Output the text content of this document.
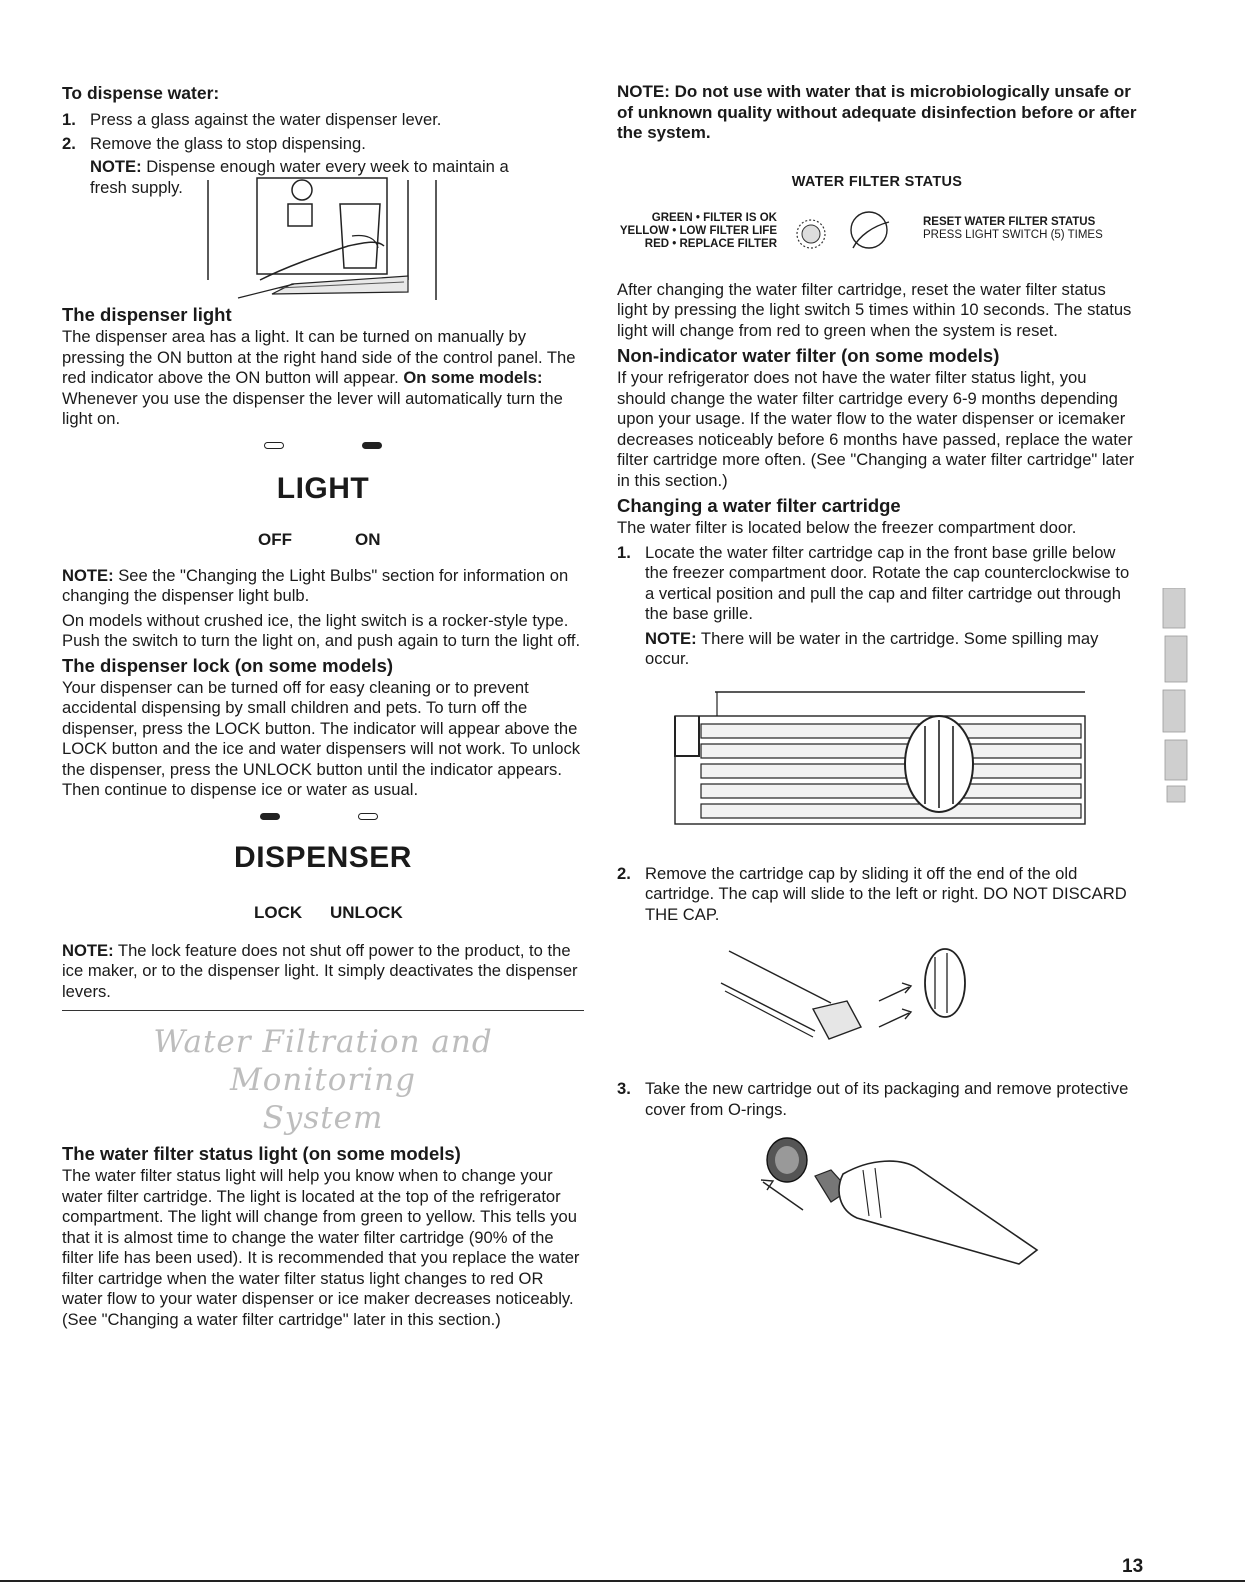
To dispense water:
1. Press a glass against the water dispenser lever.
2. Remove the glass to stop dispensing.

NOTE: Dispense enough water every week to maintain a fresh supply.

The dispenser light

The dispenser area has a light. It can be turned on manually by pressing the ON button at the right hand side of the control panel. The red indicator above the ON button will appear. On some models: Whenever you use the dispenser the lever will automatically turn the light on.

LIGHT
OFF	ON

NOTE: See the "Changing the Light Bulbs" section for information on changing the dispenser light bulb.

On models without crushed ice, the light switch is a rocker-style type. Push the switch to turn the light on, and push again to turn the light off.

The dispenser lock (on some models)

Your dispenser can be turned off for easy cleaning or to prevent accidental dispensing by small children and pets. To turn off the dispenser, press the LOCK button. The indicator will appear above the LOCK button and the ice and water dispensers will not work. To unlock the dispenser, press the UNLOCK button until the indicator appears. Then continue to dispense ice or water as usual.

DISPENSER
LOCK UNLOCK

NOTE: The lock feature does not shut off power to the product, to the ice maker, or to the dispenser light. It simply deactivates the dispenser levers.

Water Filtration and Monitoring
System
The water filter status light (on some models)

The water filter status light will help you know when to change your water filter cartridge. The light is located at the top of the refrigerator compartment. The light will change from green to yellow. This tells you that it is almost time to change the water filter cartridge (90% of the filter life has been used). It is recommended that you replace the water filter cartridge when the water filter status light changes to red OR water flow to your water dispenser or ice maker decreases noticeably. (See "Changing a water filter cartridge" later in this section.)

NOTE: Do not use with water that is microbiologically unsafe or of unknown quality without adequate disinfection before or after the system.

WATER FILTER STATUS
GREEN • FILTER IS OK
YELLOW • LOW FILTER LIFE
RED • REPLACE FILTER
RESET WATER FILTER STATUS
PRESS LIGHT SWITCH (5) TIMES

After changing the water filter cartridge, reset the water filter status light by pressing the light switch 5 times within 10 seconds. The status light will change from red to green when the system is reset.

Non-indicator water filter (on some models)

If your refrigerator does not have the water filter status light, you should change the water filter cartridge every 6-9 months depending upon your usage. If the water flow to the water dispenser or icemaker decreases noticeably before 6 months have passed, replace the water filter cartridge more often. (See "Changing a water filter cartridge" later in this section.)

Changing a water filter cartridge

The water filter is located below the freezer compartment door.

1. Locate the water filter cartridge cap in the front base grille below the freezer compartment door. Rotate the cap counterclockwise to a vertical position and pull the cap and filter cartridge out through the base grille.

NOTE: There will be water in the cartridge. Some spilling may occur.

2. Remove the cartridge cap by sliding it off the end of the old cartridge. The cap will slide to the left or right. DO NOT DISCARD THE CAP.
3. Take the new cartridge out of its packaging and remove protective cover from O-rings.
13
